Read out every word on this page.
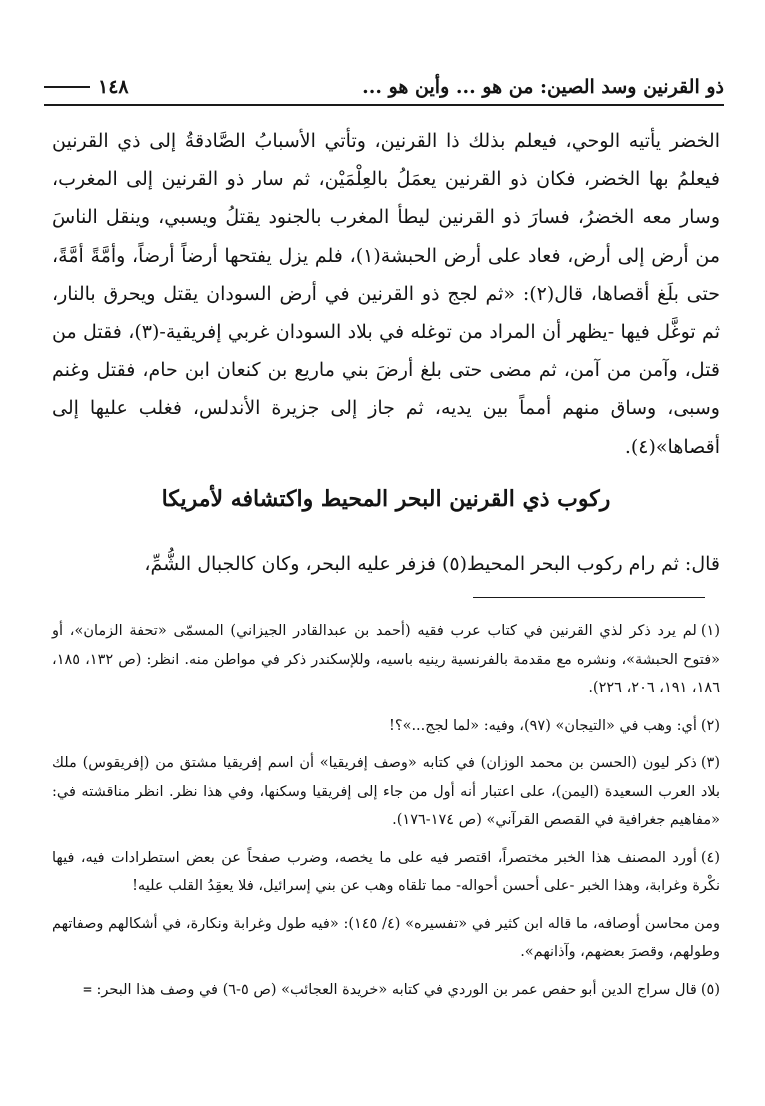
ذو القرنين وسد الصين: من هو ... وأين هو ...
١٤٨

الخضر يأتيه الوحي، فيعلم بذلك ذا القرنين، وتأتي الأسبابُ الصَّادقةُ إلى ذي القرنين فيعلمُ بها الخضر، فكان ذو القرنين يعمَلُ بالعِلْمَيْن، ثم سار ذو القرنين إلى المغرب، وسار معه الخضرُ، فسارَ ذو القرنين ليطأ المغرب بالجنود يقتلُ ويسبي، وينقل الناسَ من أرض إلى أرض، فعاد على أرض الحبشة(١)، فلم يزل يفتحها أرضاً أرضاً، وأمَّةً أمَّةً، حتى بلَغ أقصاها، قال(٢): «ثم لجج ذو القرنين في أرض السودان يقتل ويحرق بالنار، ثم توغَّل فيها -يظهر أن المراد من توغله في بلاد السودان غربي إفريقية-(٣)، فقتل من قتل، وآمن من آمن، ثم مضى حتى بلغ أرضَ بني ماريع بن كنعان ابن حام، فقتل وغنم وسبى، وساق منهم أمماً بين يديه، ثم جاز إلى جزيرة الأندلس، فغلب عليها إلى أقصاها»(٤).

ركوب ذي القرنين البحر المحيط واكتشافه لأمريكا

قال: ثم رام ركوب البحر المحيط(٥) فزفر عليه البحر، وكان كالجبال الشُّمِّ،

(١)لم يرد ذكر لذي القرنين في كتاب عرب فقيه (أحمد بن عبدالقادر الجيزاني) المسمّى «تحفة الزمان»، أو «فتوح الحبشة»، ونشره مع مقدمة بالفرنسية رينيه باسيه، وللإسكندر ذكر في مواطن منه. انظر: (ص ١٣٢، ١٨٥، ١٨٦، ١٩١، ٢٠٦، ٢٢٦).

(٢)أي: وهب في «التيجان» (٩٧)، وفيه: «لما لجج...»؟!

(٣)ذكر ليون (الحسن بن محمد الوزان) في كتابه «وصف إفريقيا» أن اسم إفريقيا مشتق من (إفريقوس) ملك بلاد العرب السعيدة (اليمن)، على اعتبار أنه أول من جاء إلى إفريقيا وسكنها، وفي هذا نظر. انظر مناقشته في: «مفاهيم جغرافية في القصص القرآني» (ص ١٧٤-١٧٦).

(٤)أورد المصنف هذا الخبر مختصراً، اقتصر فيه على ما يخصه، وضرب صفحاً عن بعض استطرادات فيه، فيها نكْرة وغرابة، وهذا الخبر -على أحسن أحواله- مما تلقاه وهب عن بني إسرائيل، فلا يعقِدُ القلب عليه!

ومن محاسن أوصافه، ما قاله ابن كثير في «تفسيره» (٤/ ١٤٥): «فيه طول وغرابة ونكارة، في أشكالهم وصفاتهم وطولهم، وقصرَ بعضهم، وآذانهم».

(٥)قال سراج الدين أبو حفص عمر بن الوردي في كتابه «خريدة العجائب» (ص ٥-٦) في وصف هذا البحر: =
